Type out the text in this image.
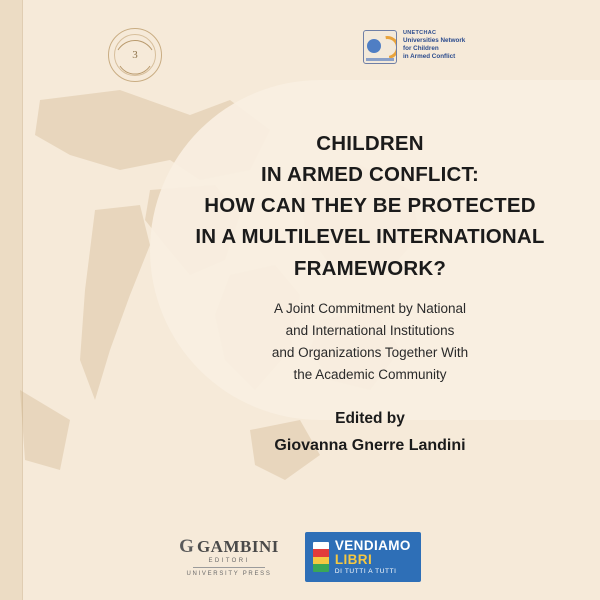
3
UNETCHAC
Universities Network
for Children
in Armed Conflict
CHILDREN
IN ARMED CONFLICT:
HOW CAN THEY BE PROTECTED
IN A MULTILEVEL INTERNATIONAL
FRAMEWORK?
A Joint Commitment by National
and International Institutions
and Organizations Together With
the Academic Community
Edited by
Giovanna Gnerre Landini
G GAMBINI
EDITORI
UNIVERSITY PRESS
VENDIAMO
LIBRI
DI TUTTI A TUTTI
